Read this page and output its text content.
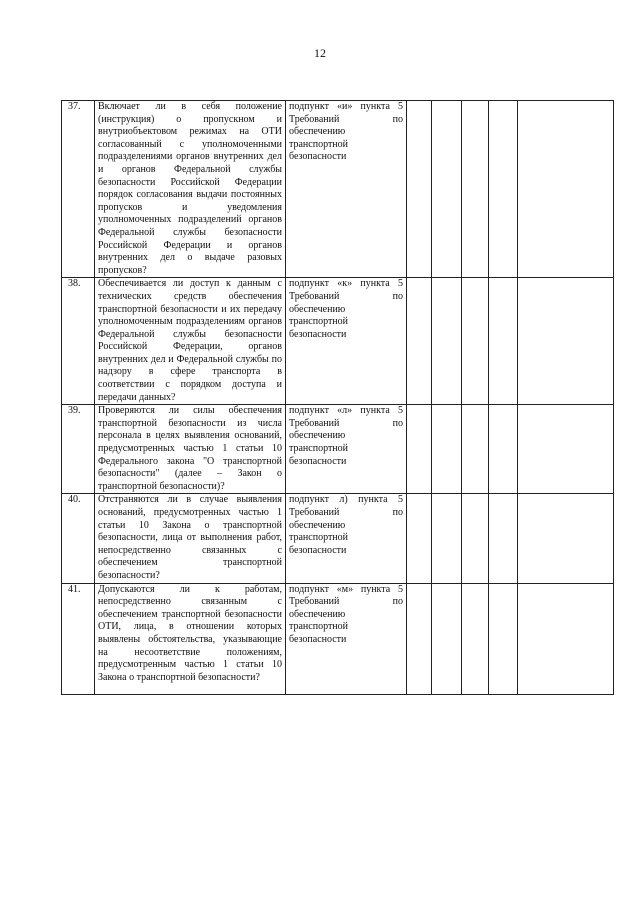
12
37.	Включает ли в себя положение (инструкция) о пропускном и внутриобъектовом режимах на ОТИ согласованный с уполномоченными подразделениями органов внутренних дел и органов Федеральной службы безопасности Российской Федерации порядок согласования выдачи постоянных пропусков и уведомления уполномоченных подразделений органов Федеральной службы безопасности Российской Федерации и органов внутренних дел о выдаче разовых пропусков?	подпункт «и» пункта 5 Требований по обеспечению транспортной безопасности					
38.	Обеспечивается ли доступ к данным с технических средств обеспечения транспортной безопасности и их передачу уполномоченным подразделениям органов Федеральной службы безопасности Российской Федерации, органов внутренних дел и Федеральной службы по надзору в сфере транспорта в соответствии с порядком доступа и передачи данных?	подпункт «к» пункта 5 Требований по обеспечению транспортной безопасности					
39.	Проверяются ли силы обеспечения транспортной безопасности из числа персонала в целях выявления оснований, предусмотренных частью 1 статьи 10 Федерального закона "О транспортной безопасности" (далее – Закон о транспортной безопасности)?	подпункт «л» пункта 5 Требований по обеспечению транспортной безопасности					
40.	Отстраняются ли в случае выявления оснований, предусмотренных частью 1 статьи 10 Закона о транспортной безопасности, лица от выполнения работ, непосредственно связанных с обеспечением транспортной безопасности?	подпункт л) пункта 5 Требований по обеспечению транспортной безопасности					
41.	Допускаются ли к работам, непосредственно связанным с обеспечением транспортной безопасности ОТИ, лица, в отношении которых выявлены обстоятельства, указывающие на несоответствие положениям, предусмотренным частью 1 статьи 10 Закона о транспортной безопасности?	подпункт «м» пункта 5 Требований по обеспечению транспортной безопасности					
